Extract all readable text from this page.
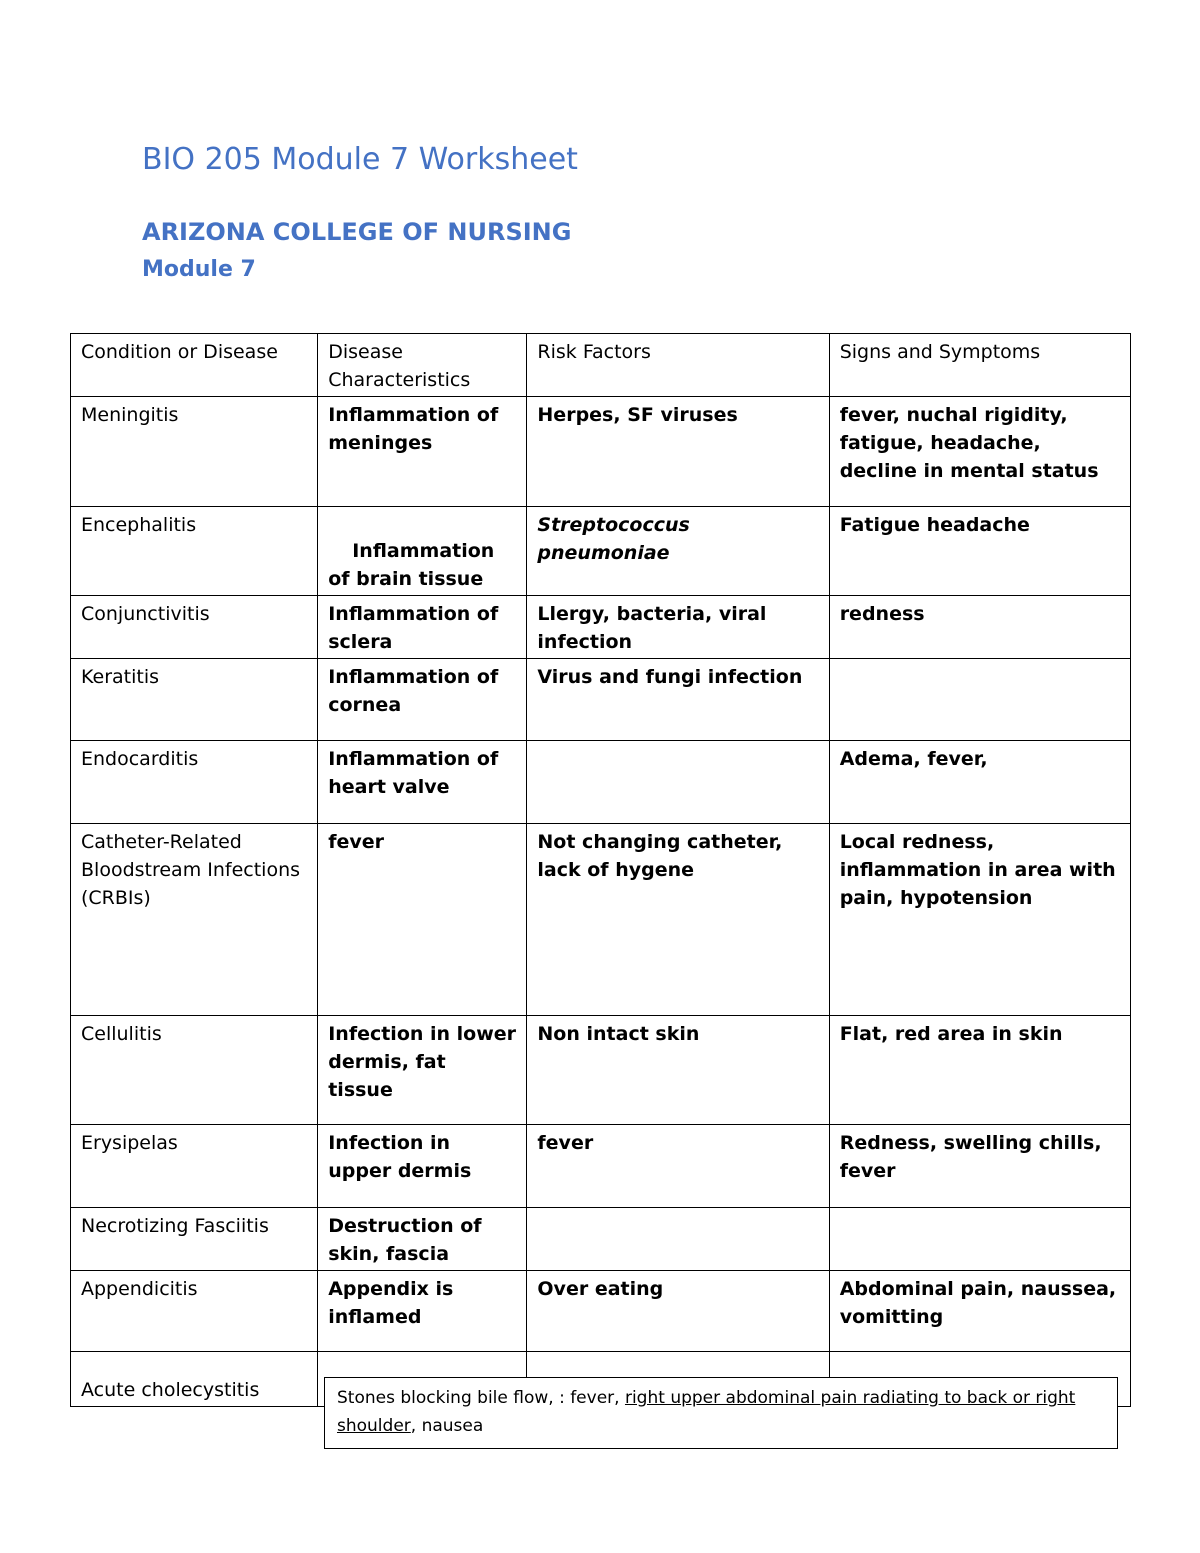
BIO 205 Module 7 Worksheet
ARIZONA COLLEGE OF NURSING
Module 7
Condition or Disease	Disease Characteristics	Risk Factors	Signs and Symptoms
Meningitis	Inflammation of meninges	Herpes, SF viruses	fever, nuchal rigidity, fatigue, headache, decline in mental status
Encephalitis	Inflammation of brain tissue	Streptococcus pneumoniae	Fatigue headache
Conjunctivitis	Inflammation of sclera	Llergy, bacteria, viral infection	redness
Keratitis	Inflammation of cornea	Virus and fungi infection	
Endocarditis	Inflammation of heart valve		Adema, fever,
Catheter-Related Bloodstream Infections (CRBIs)	fever	Not changing catheter, lack of hygene	Local redness, inflammation in area with pain, hypotension
Cellulitis	Infection in lower dermis, fat tissue	Non intact skin	Flat, red area in skin
Erysipelas	Infection in upper dermis	fever	Redness, swelling chills, fever
Necrotizing Fasciitis	Destruction of skin, fascia		
Appendicitis	Appendix is inflamed	Over eating	Abdominal pain, naussea, vomitting
Acute cholecystitis				Stones blocking bile flow, : fever, right upper abdominal pain radiating to back or right shoulder, nausea
